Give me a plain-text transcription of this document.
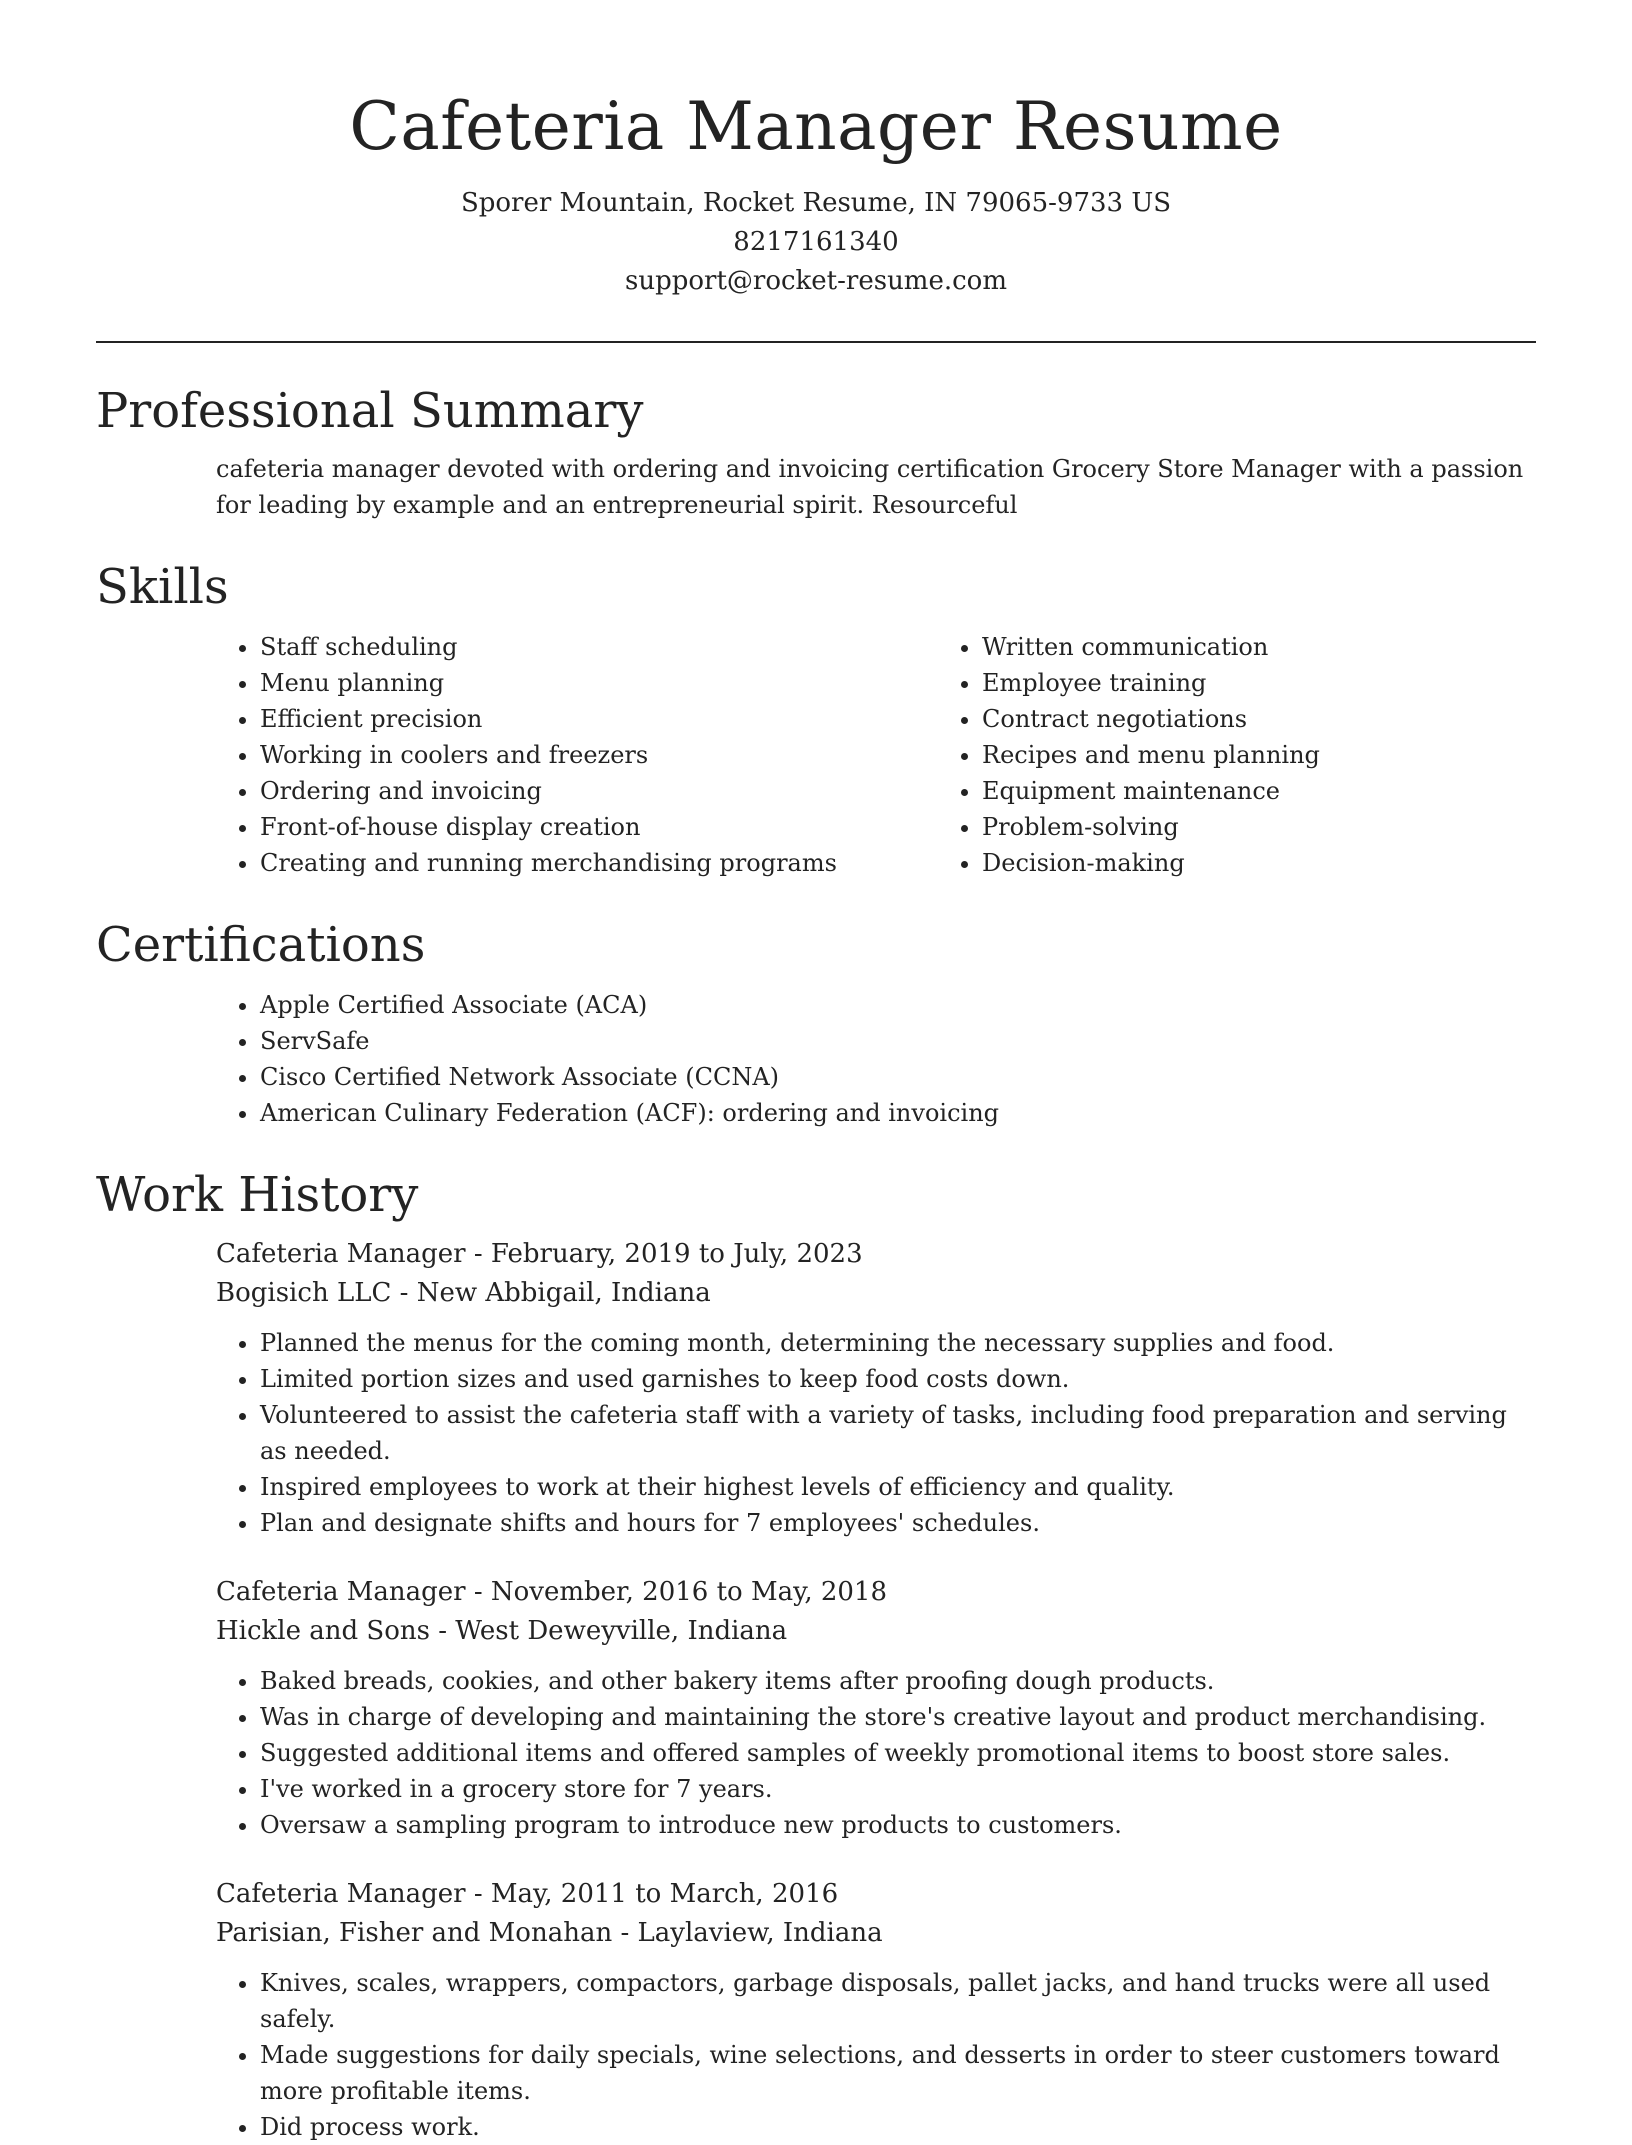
Cafeteria Manager Resume
Sporer Mountain, Rocket Resume, IN 79065-9733 US
8217161340
support@rocket-resume.com
Professional Summary

cafeteria manager devoted with ordering and invoicing certification Grocery Store Manager with a passion for leading by example and an entrepreneurial spirit. Resourceful

Skills
• Staff scheduling
• Menu planning
• Efficient precision
• Working in coolers and freezers
• Ordering and invoicing
• Front-of-house display creation
• Creating and running merchandising programs
• Written communication
• Employee training
• Contract negotiations
• Recipes and menu planning
• Equipment maintenance
• Problem-solving
• Decision-making
Certifications
• Apple Certified Associate (ACA)
• ServSafe
• Cisco Certified Network Associate (CCNA)
• American Culinary Federation (ACF): ordering and invoicing
Work History

Cafeteria Manager - February, 2019 to July, 2023

Bogisich LLC - New Abbigail, Indiana

• Planned the menus for the coming month, determining the necessary supplies and food.
• Limited portion sizes and used garnishes to keep food costs down.
• Volunteered to assist the cafeteria staff with a variety of tasks, including food preparation and serving as needed.
• Inspired employees to work at their highest levels of efficiency and quality.
• Plan and designate shifts and hours for 7 employees' schedules.

Cafeteria Manager - November, 2016 to May, 2018

Hickle and Sons - West Deweyville, Indiana

• Baked breads, cookies, and other bakery items after proofing dough products.
• Was in charge of developing and maintaining the store's creative layout and product merchandising.
• Suggested additional items and offered samples of weekly promotional items to boost store sales.
• I've worked in a grocery store for 7 years.
• Oversaw a sampling program to introduce new products to customers.

Cafeteria Manager - May, 2011 to March, 2016

Parisian, Fisher and Monahan - Laylaview, Indiana

• Knives, scales, wrappers, compactors, garbage disposals, pallet jacks, and hand trucks were all used safely.
• Made suggestions for daily specials, wine selections, and desserts in order to steer customers toward more profitable items.
• Did process work.
